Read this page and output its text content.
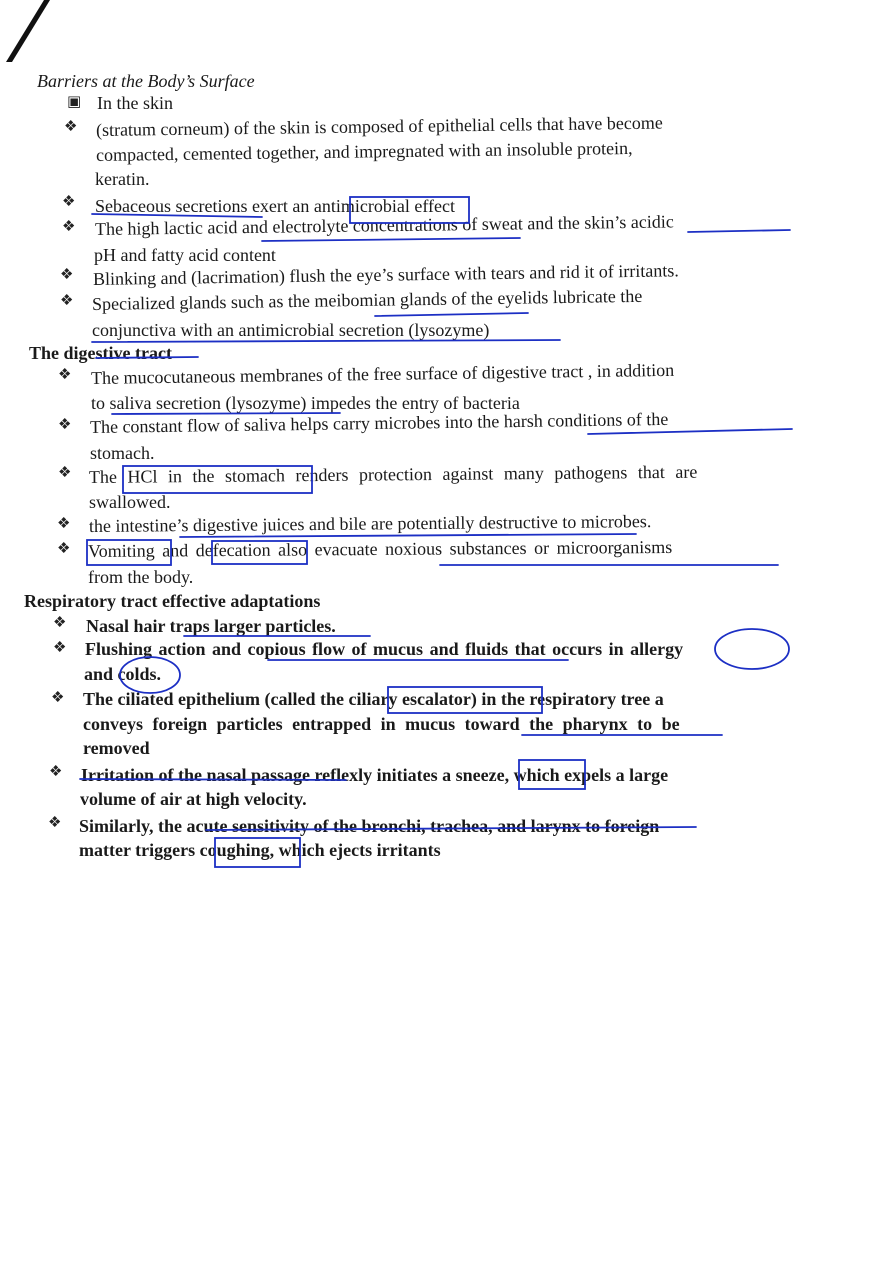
Barriers at the Body’s Surface
▣ In the skin
❖ (stratum corneum) of the skin is composed of epithelial cells that have become
compacted, cemented together, and impregnated with an insoluble protein,
keratin.
❖ Sebaceous secretions exert an antimicrobial effect
❖ The high lactic acid and electrolyte concentrations of sweat and the skin’s acidic
pH and fatty acid content
❖ Blinking and (lacrimation) flush the eye’s surface with tears and rid it of irritants.
❖ Specialized glands such as the meibomian glands of the eyelids lubricate the
conjunctiva with an antimicrobial secretion (lysozyme)
The digestive tract
❖ The mucocutaneous membranes of the free surface of digestive tract , in addition
to saliva secretion (lysozyme) impedes the entry of bacteria
❖ The constant flow of saliva helps carry microbes into the harsh conditions of the
stomach.
❖ The HCl in the stomach renders protection against many pathogens that are
swallowed.
❖ the intestine’s digestive juices and bile are potentially destructive to microbes.
❖ Vomiting and defecation also evacuate noxious substances or microorganisms
from the body.
Respiratory tract effective adaptations
❖ Nasal hair traps larger particles.
❖ Flushing action and copious flow of mucus and fluids that occurs in allergy
and colds.
❖ The ciliated epithelium (called the ciliary escalator) in the respiratory tree a
conveys foreign particles entrapped in mucus toward the pharynx to be
removed
❖ Irritation of the nasal passage reflexly initiates a sneeze, which expels a large
volume of air at high velocity.
❖ Similarly, the acute sensitivity of the bronchi, trachea, and larynx to foreign
matter triggers coughing, which ejects irritants
